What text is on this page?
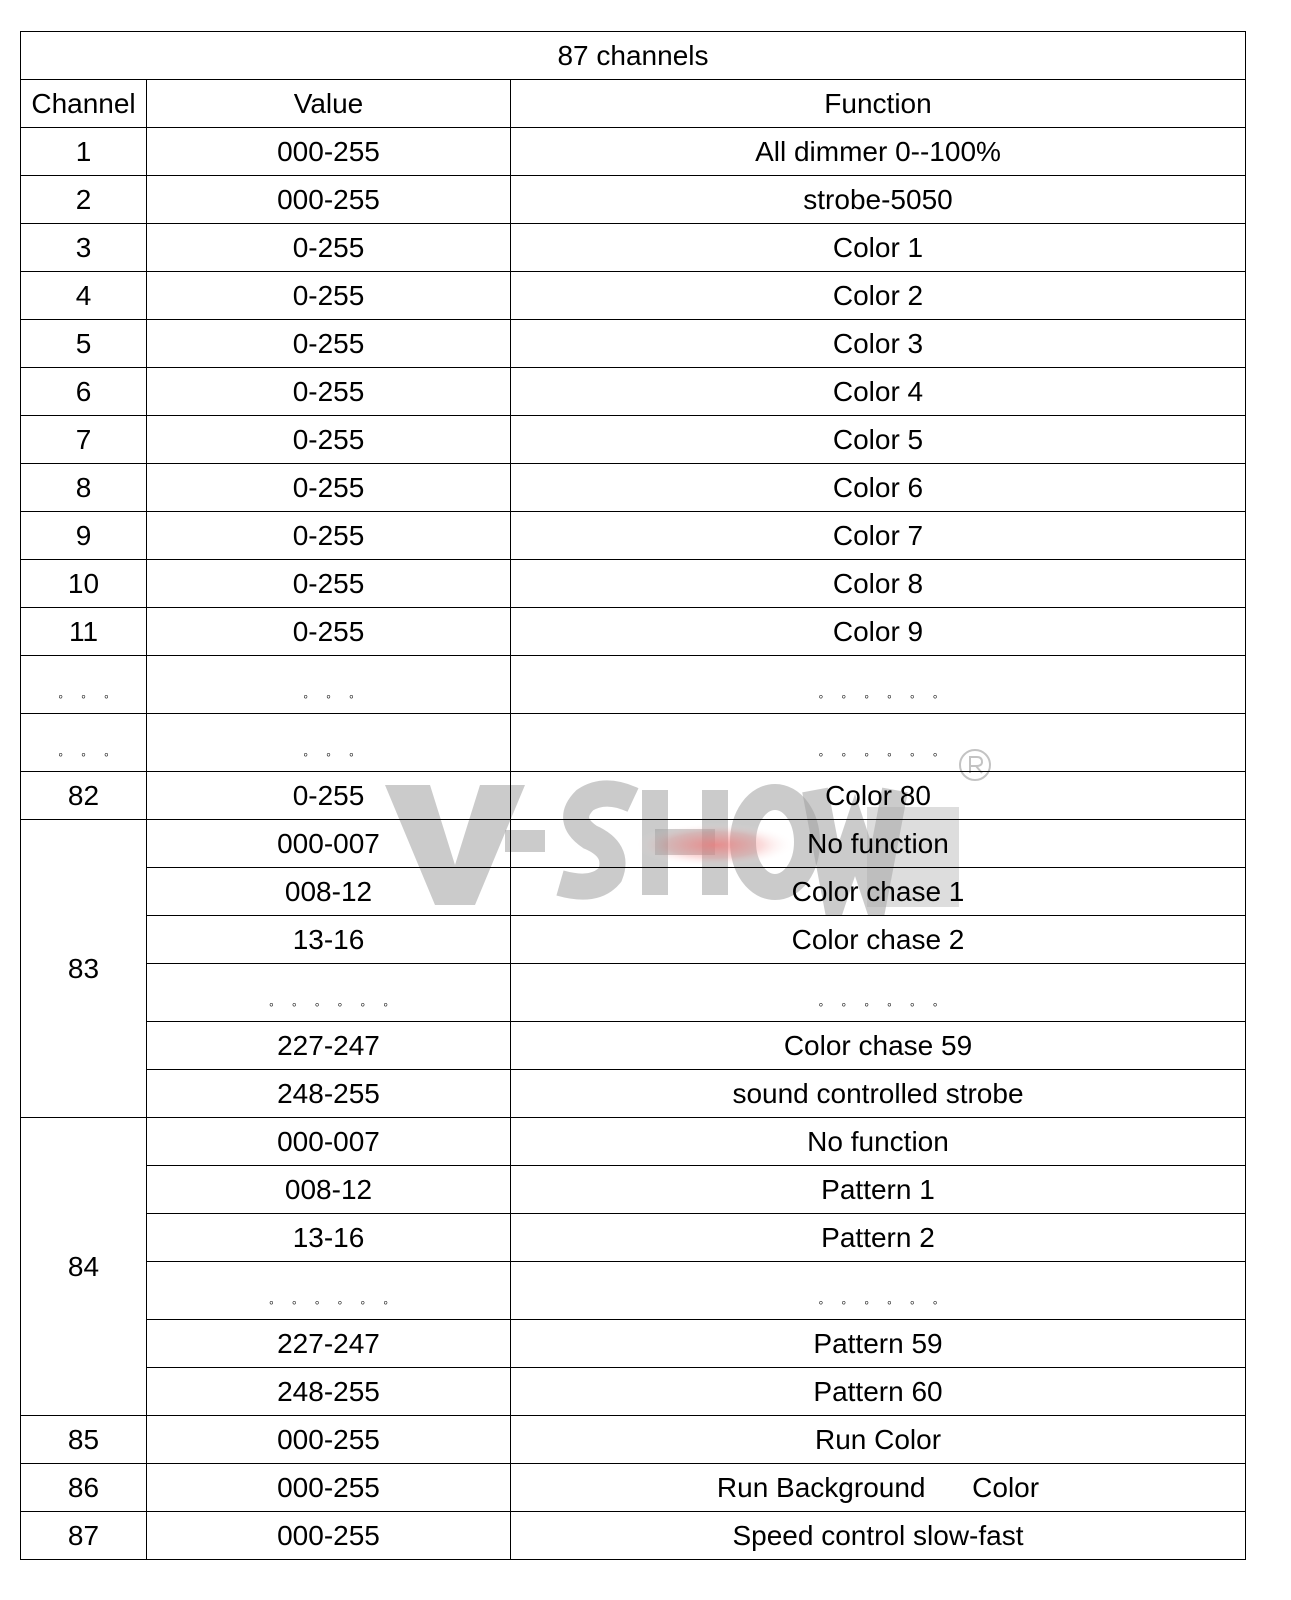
87 channels		
Channel	Value	Function
1	000-255	All dimmer 0--100%
2	000-255	strobe-5050
3	0-255	Color 1
4	0-255	Color 2
5	0-255	Color 3
6	0-255	Color 4
7	0-255	Color 5
8	0-255	Color 6
9	0-255	Color 7
10	0-255	Color 8
11	0-255	Color 9
◦ ◦ ◦	◦ ◦ ◦	◦ ◦ ◦ ◦ ◦ ◦
◦ ◦ ◦	◦ ◦ ◦	◦ ◦ ◦ ◦ ◦ ◦
82	0-255	Color 80
83	000-007	No function
	008-12	Color chase 1
	13-16	Color chase 2
	◦ ◦ ◦ ◦ ◦ ◦	◦ ◦ ◦ ◦ ◦ ◦
	227-247	Color chase 59
	248-255	sound controlled strobe
84	000-007	No function
	008-12	Pattern 1
	13-16	Pattern 2
	◦ ◦ ◦ ◦ ◦ ◦	◦ ◦ ◦ ◦ ◦ ◦
	227-247	Pattern 59
	248-255	Pattern 60
85	000-255	Run Color
86	000-255	Run Background      Color
87	000-255	Speed control slow-fast
